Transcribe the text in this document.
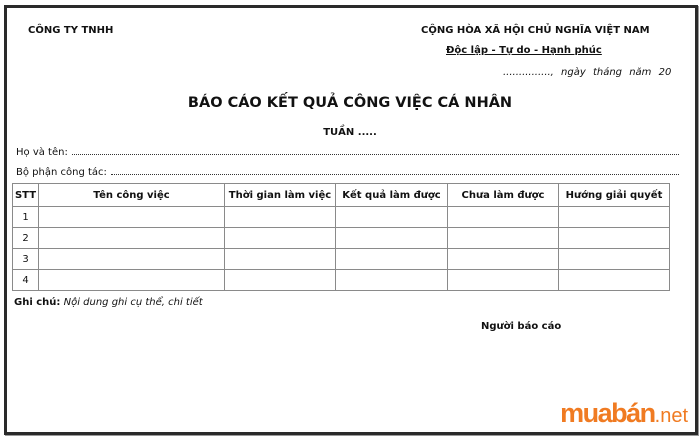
CÔNG TY TNHH	CỘNG HÒA XÃ HỘI CHỦ NGHĨA VIỆT NAM
Độc lập - Tự do - Hạnh phúc
..............., ngày tháng năm 20
BÁO CÁO KẾT QUẢ CÔNG VIỆC CÁ NHÂN
TUẦN .....
Họ và tên:
Bộ phận công tác:
STT	Tên công việc	Thời gian làm việc	Kết quả làm được	Chưa làm được	Hướng giải quyết
1					
2					
3					
4					
Ghi chú: Nội dung ghi cụ thể, chi tiết
Người báo cáo
muabán .net
